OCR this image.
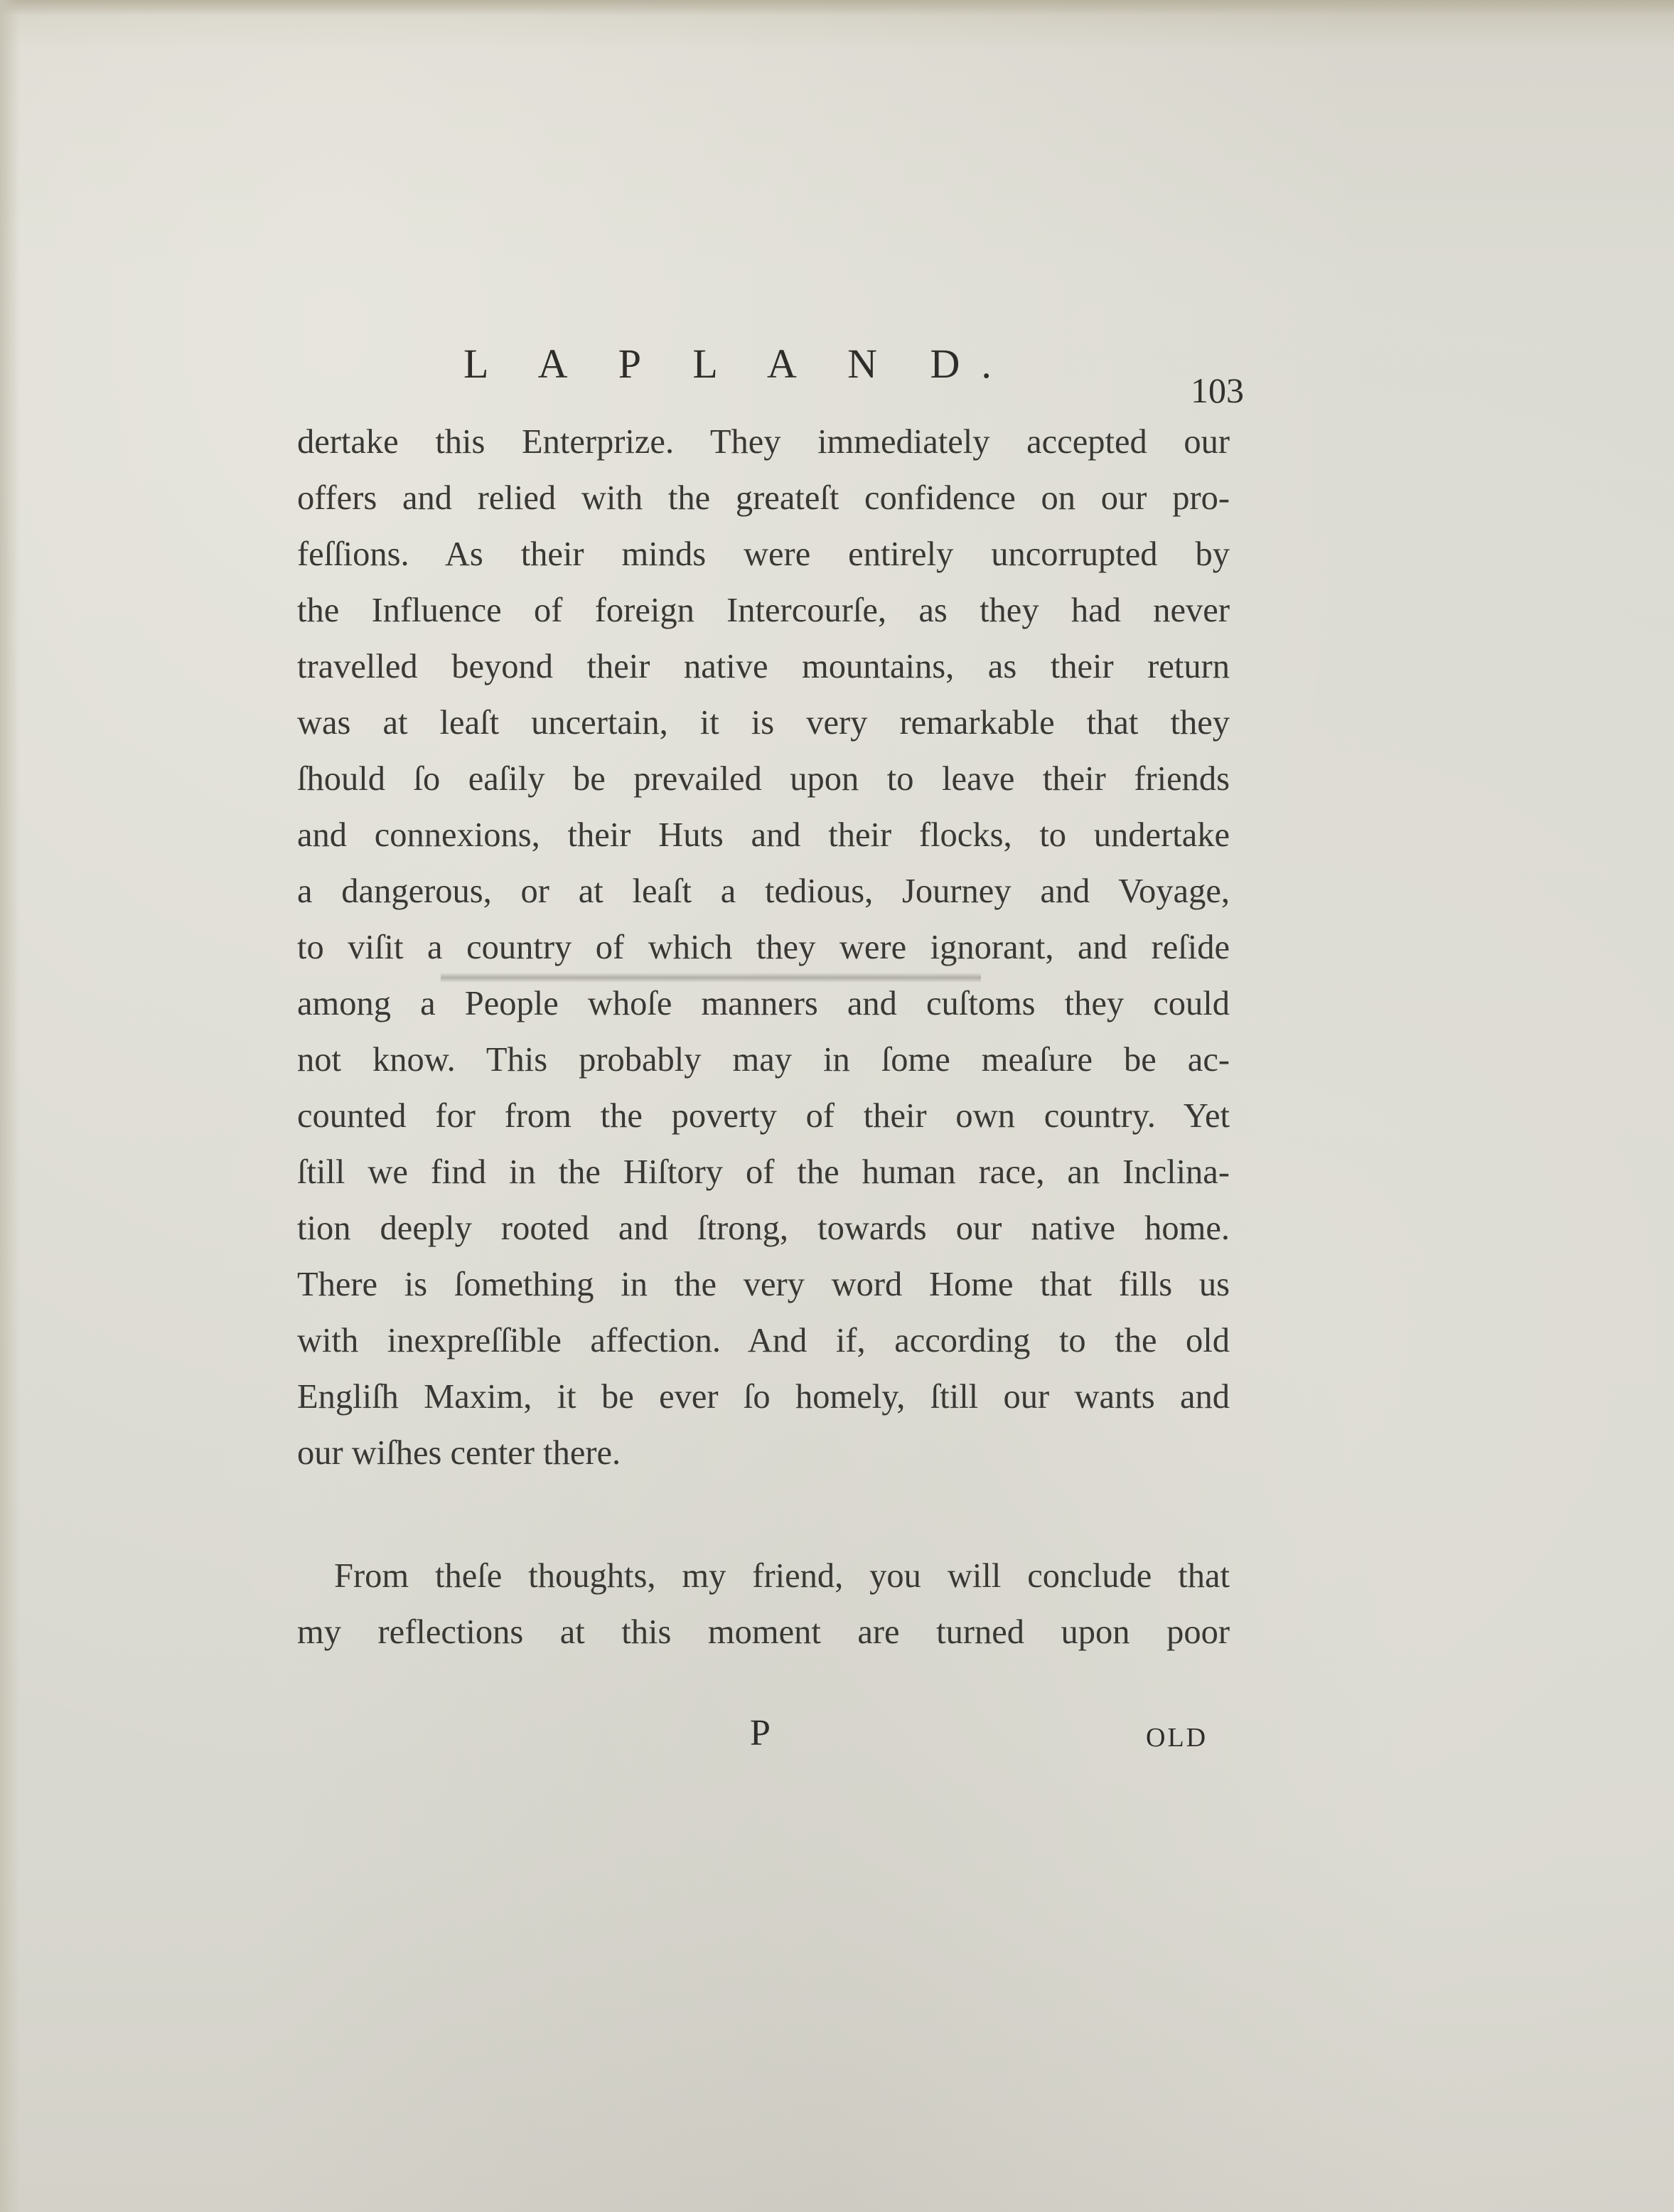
L A P L A N D.
103
dertake this Enterprize. They immediately accepted our
offers and relied with the greateſt confidence on our pro-
feſſions. As their minds were entirely uncorrupted by
the Influence of foreign Intercourſe, as they had never
travelled beyond their native mountains, as their return
was at leaſt uncertain, it is very remarkable that they
ſhould ſo eaſily be prevailed upon to leave their friends
and connexions, their Huts and their flocks, to undertake
a dangerous, or at leaſt a tedious, Journey and Voyage,
to viſit a country of which they were ignorant, and reſide
among a People whoſe manners and cuſtoms they could
not know. This probably may in ſome meaſure be ac-
counted for from the poverty of their own country. Yet
ſtill we find in the Hiſtory of the human race, an Inclina-
tion deeply rooted and ſtrong, towards our native home.
There is ſomething in the very word Home that fills us
with inexpreſſible affection. And if, according to the old
Engliſh Maxim, it be ever ſo homely, ſtill our wants and
our wiſhes center there.
From theſe thoughts, my friend, you will conclude that
my reflections at this moment are turned upon poor
P	OLD
